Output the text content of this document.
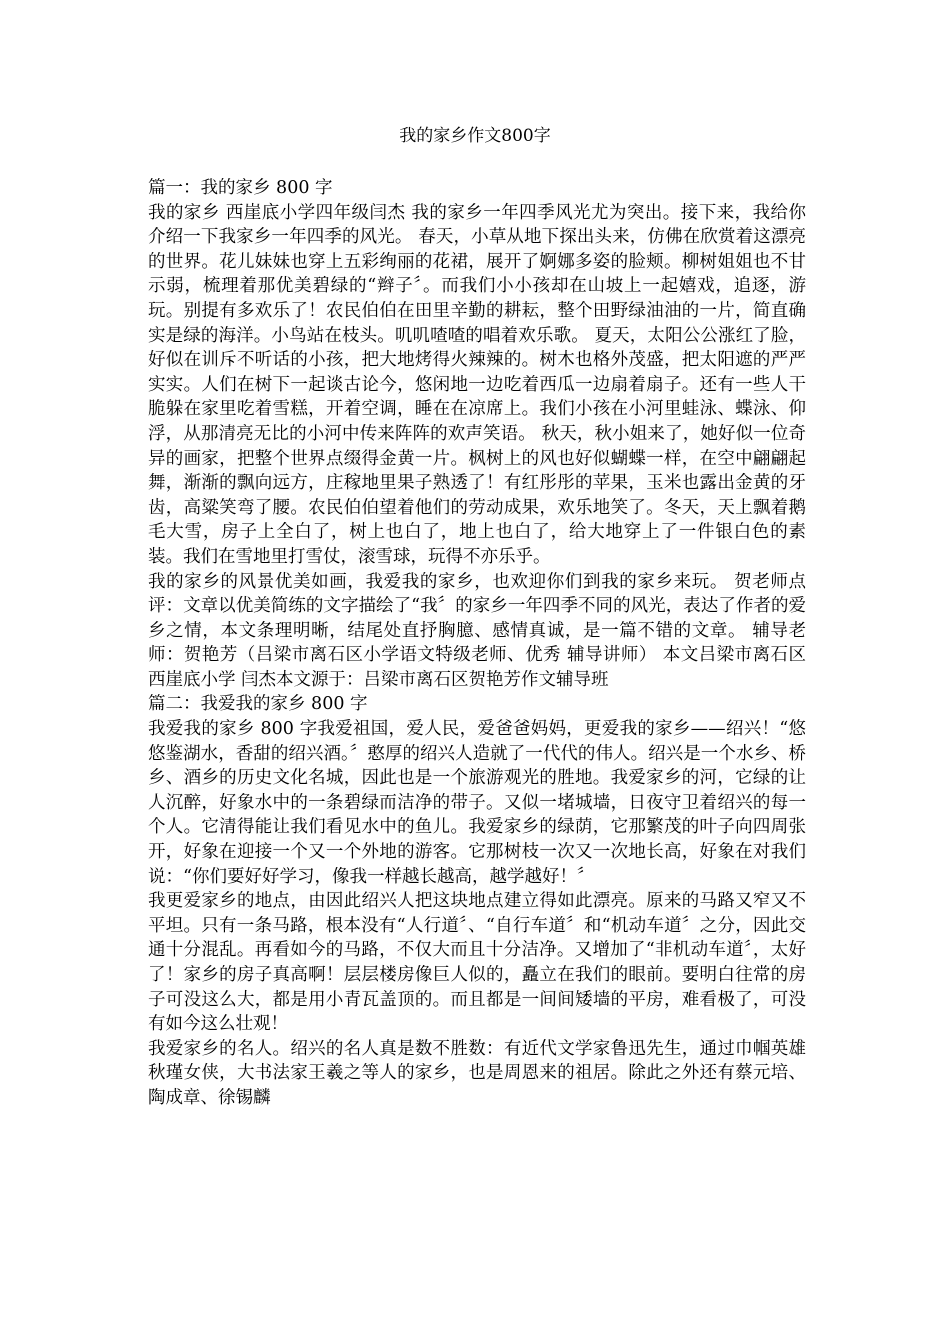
我的家乡作文800字

篇一：我的家乡 800 字

我的家乡 西崖底小学四年级闫杰 我的家乡一年四季风光尤为突出。接下来，我给你介绍一下我家乡一年四季的风光。 春天，小草从地下探出头来，仿佛在欣赏着这漂亮的世界。花儿妹妹也穿上五彩绚丽的花裙，展开了婀娜多姿的脸颊。柳树姐姐也不甘示弱，梳理着那优美碧绿的“辫子〞。而我们小小孩却在山坡上一起嬉戏，追逐，游玩。别提有多欢乐了！农民伯伯在田里辛勤的耕耘，整个田野绿油油的一片，简直确实是绿的海洋。小鸟站在枝头。叽叽喳喳的唱着欢乐歌。 夏天，太阳公公涨红了脸，好似在训斥不听话的小孩，把大地烤得火辣辣的。树木也格外茂盛，把太阳遮的严严实实。人们在树下一起谈古论今，悠闲地一边吃着西瓜一边扇着扇子。还有一些人干脆躲在家里吃着雪糕，开着空调，睡在在凉席上。我们小孩在小河里蛙泳、蝶泳、仰浮，从那清亮无比的小河中传来阵阵的欢声笑语。 秋天，秋小姐来了，她好似一位奇异的画家，把整个世界点缀得金黄一片。枫树上的风也好似蝴蝶一样，在空中翩翩起舞，渐渐的飘向远方，庄稼地里果子熟透了！有红彤彤的苹果，玉米也露出金黄的牙齿，高粱笑弯了腰。农民伯伯望着他们的劳动成果，欢乐地笑了。冬天，天上飘着鹅毛大雪，房子上全白了，树上也白了，地上也白了，给大地穿上了一件银白色的素装。我们在雪地里打雪仗，滚雪球，玩得不亦乐乎。

我的家乡的风景优美如画，我爱我的家乡，也欢迎你们到我的家乡来玩。 贺老师点评：文章以优美简练的文字描绘了“我〞的家乡一年四季不同的风光，表达了作者的爱乡之情，本文条理明晰，结尾处直抒胸臆、感情真诚，是一篇不错的文章。 辅导老师：贺艳芳（吕梁市离石区小学语文特级老师、优秀 辅导讲师） 本文吕梁市离石区 西崖底小学 闫杰本文源于：吕梁市离石区贺艳芳作文辅导班

篇二：我爱我的家乡 800 字

我爱我的家乡 800 字我爱祖国，爱人民，爱爸爸妈妈，更爱我的家乡——绍兴！“悠悠鉴湖水，香甜的绍兴酒。〞憨厚的绍兴人造就了一代代的伟人。绍兴是一个水乡、桥乡、酒乡的历史文化名城，因此也是一个旅游观光的胜地。我爱家乡的河，它绿的让人沉醉，好象水中的一条碧绿而洁净的带子。又似一堵城墙，日夜守卫着绍兴的每一个人。它清得能让我们看见水中的鱼儿。我爱家乡的绿荫，它那繁茂的叶子向四周张开，好象在迎接一个又一个外地的游客。它那树枝一次又一次地长高，好象在对我们说：“你们要好好学习，像我一样越长越高，越学越好！〞

我更爱家乡的地点，由因此绍兴人把这块地点建立得如此漂亮。原来的马路又窄又不平坦。只有一条马路，根本没有“人行道〞、“自行车道〞和“机动车道〞之分，因此交通十分混乱。再看如今的马路，不仅大而且十分洁净。又增加了“非机动车道〞，太好了！家乡的房子真高啊！层层楼房像巨人似的，矗立在我们的眼前。要明白往常的房子可没这么大，都是用小青瓦盖顶的。而且都是一间间矮墙的平房，难看极了，可没有如今这么壮观！

我爱家乡的名人。绍兴的名人真是数不胜数：有近代文学家鲁迅先生，通过巾帼英雄秋瑾女侠，大书法家王羲之等人的家乡，也是周恩来的祖居。除此之外还有蔡元培、陶成章、徐锡麟
